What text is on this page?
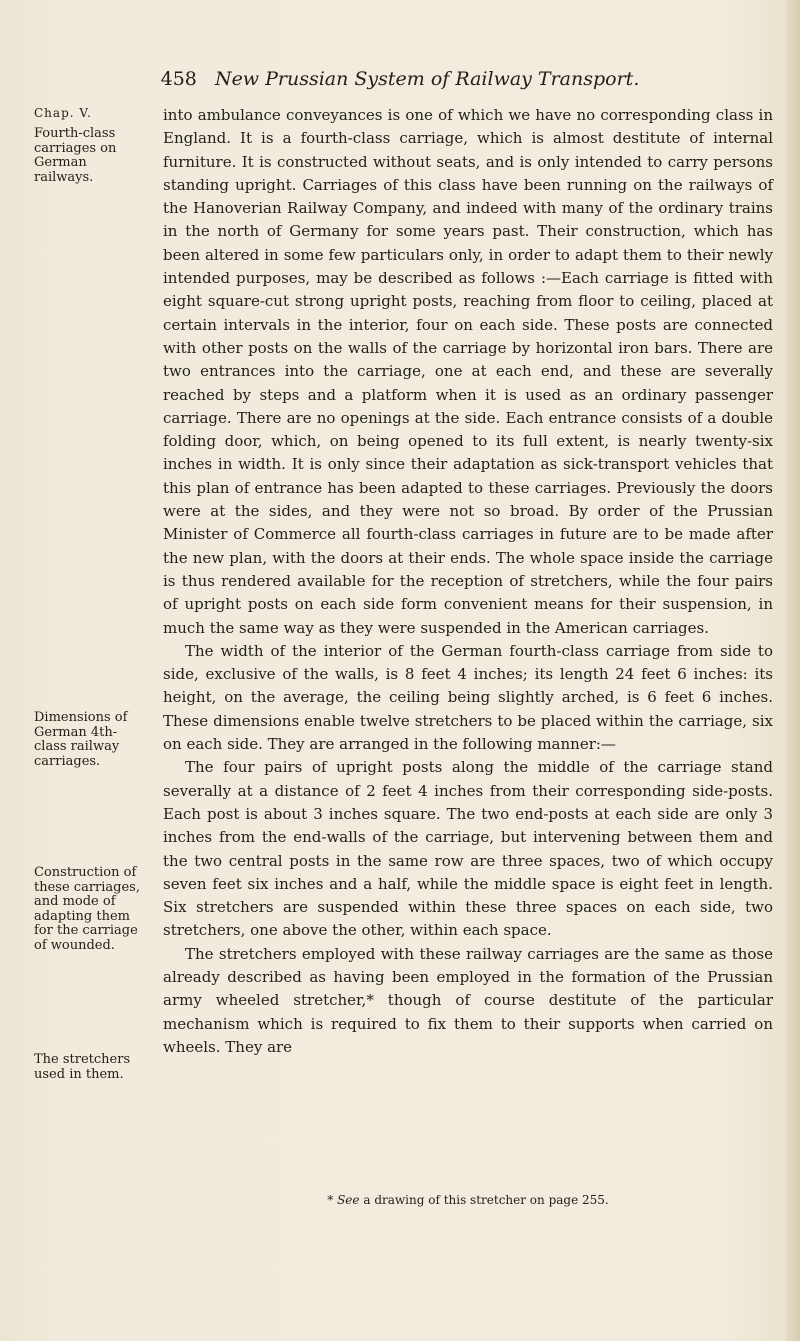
458 New Prussian System of Railway Transport.
Chap. V.
Fourth-class carriages on German railways.
Dimensions of German 4th-class railway carriages.
Construction of these carriages, and mode of adapting them for the carriage of wounded.
The stretchers used in them.

into ambulance conveyances is one of which we have no corresponding class in England. It is a fourth-class carriage, which is almost destitute of internal furniture. It is constructed without seats, and is only intended to carry persons standing upright. Carriages of this class have been running on the railways of the Hanoverian Railway Company, and indeed with many of the ordinary trains in the north of Germany for some years past. Their construction, which has been altered in some few particulars only, in order to adapt them to their newly intended purposes, may be described as follows :—Each carriage is fitted with eight square-cut strong upright posts, reaching from floor to ceiling, placed at certain intervals in the interior, four on each side. These posts are connected with other posts on the walls of the carriage by horizontal iron bars. There are two entrances into the carriage, one at each end, and these are severally reached by steps and a platform when it is used as an ordinary passenger carriage. There are no openings at the side. Each entrance consists of a double folding door, which, on being opened to its full extent, is nearly twenty-six inches in width. It is only since their adaptation as sick-transport vehicles that this plan of entrance has been adapted to these carriages. Previously the doors were at the sides, and they were not so broad. By order of the Prussian Minister of Commerce all fourth-class carriages in future are to be made after the new plan, with the doors at their ends. The whole space inside the carriage is thus rendered available for the reception of stretchers, while the four pairs of upright posts on each side form convenient means for their suspension, in much the same way as they were suspended in the American carriages.

The width of the interior of the German fourth-class carriage from side to side, exclusive of the walls, is 8 feet 4 inches; its length 24 feet 6 inches: its height, on the average, the ceiling being slightly arched, is 6 feet 6 inches. These dimensions enable twelve stretchers to be placed within the carriage, six on each side. They are arranged in the following manner:—

The four pairs of upright posts along the middle of the carriage stand severally at a distance of 2 feet 4 inches from their corresponding side-posts. Each post is about 3 inches square. The two end-posts at each side are only 3 inches from the end-walls of the carriage, but intervening between them and the two central posts in the same row are three spaces, two of which occupy seven feet six inches and a half, while the middle space is eight feet in length. Six stretchers are suspended within these three spaces on each side, two stretchers, one above the other, within each space.

The stretchers employed with these railway carriages are the same as those already described as having been employed in the formation of the Prussian army wheeled stretcher,* though of course destitute of the particular mechanism which is required to fix them to their supports when carried on wheels. They are

* See a drawing of this stretcher on page 255.
